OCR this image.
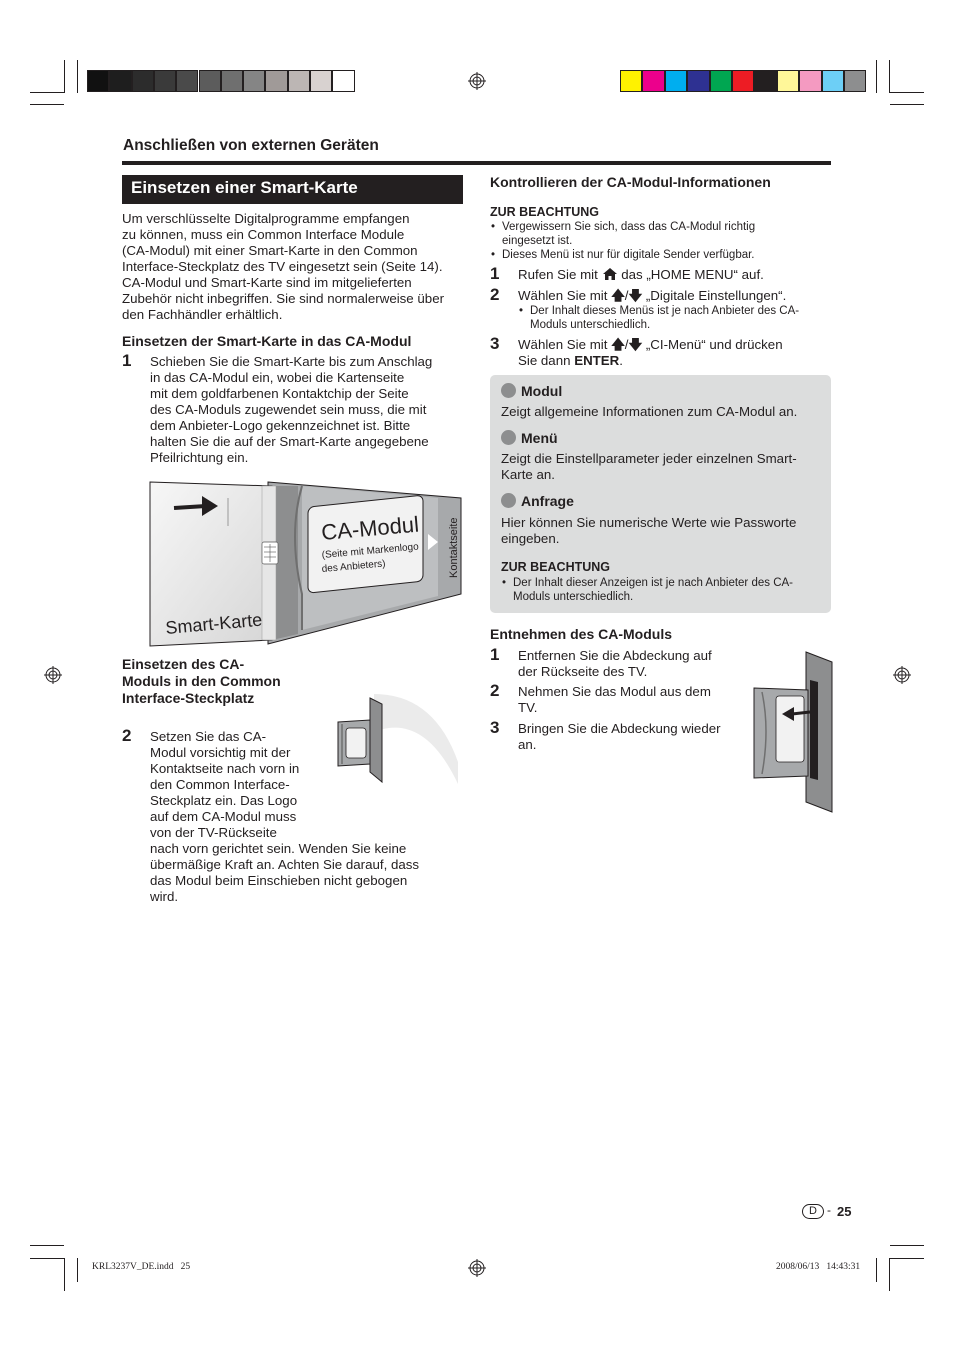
Anschließen von externen Geräten
Einsetzen einer Smart-Karte
Um verschlüsselte Digitalprogramme empfangen
zu können, muss ein Common Interface Module
(CA-Modul) mit einer Smart-Karte in den Common
Interface-Steckplatz des TV eingesetzt sein (Seite 14).
CA-Modul und Smart-Karte sind im mitgelieferten
Zubehör nicht inbegriffen. Sie sind normalerweise über
den Fachhändler erhältlich.
Einsetzen der Smart-Karte in das CA-Modul
1 Schieben Sie die Smart-Karte bis zum Anschlag
in das CA-Modul ein, wobei die Kartenseite
mit dem goldfarbenen Kontaktchip der Seite
des CA-Moduls zugewendet sein muss, die mit
dem Anbieter-Logo gekennzeichnet ist. Bitte
halten Sie die auf der Smart-Karte angegebene
Pfeilrichtung ein.
CA-Modul
(Seite mit Markenlogo
des Anbieters)	Kontaktseite
Smart-Karte
Einsetzen des CA-
Moduls in den Common
Interface-Steckplatz
2 Setzen Sie das CA-
Modul vorsichtig mit der
Kontaktseite nach vorn in
den Common Interface-
Steckplatz ein. Das Logo
auf dem CA-Modul muss
von der TV-Rückseite
nach vorn gerichtet sein. Wenden Sie keine
übermäßige Kraft an. Achten Sie darauf, dass
das Modul beim Einschieben nicht gebogen
wird.
Kontrollieren der CA-Modul-Informationen
ZUR BEACHTUNG
• Vergewissern Sie sich, dass das CA-Modul richtig
eingesetzt ist.
• Dieses Menü ist nur für digitale Sender verfügbar.
1 Rufen Sie mit das „HOME MENU“ auf.
2 Wählen Sie mit 🡅/🡇 „Digitale Einstellungen“.
• Der Inhalt dieses Menüs ist je nach Anbieter des CA-
Moduls unterschiedlich.
3 Wählen Sie mit 🡅/🡇 „CI-Menü“ und drücken
Sie dann ENTER.
Modul
Zeigt allgemeine Informationen zum CA-Modul an.
Menü
Zeigt die Einstellparameter jeder einzelnen Smart-
Karte an.
Anfrage
Hier können Sie numerische Werte wie Passworte
eingeben.
ZUR BEACHTUNG
• Der Inhalt dieser Anzeigen ist je nach Anbieter des CA-
Moduls unterschiedlich.
Entnehmen des CA-Moduls
1 Entfernen Sie die Abdeckung auf
der Rückseite des TV.
2 Nehmen Sie das Modul aus dem
TV.
3 Bringen Sie die Abdeckung wieder
an.
D - 25
KRL3237V_DE.indd   25	2008/06/13   14:43:31
